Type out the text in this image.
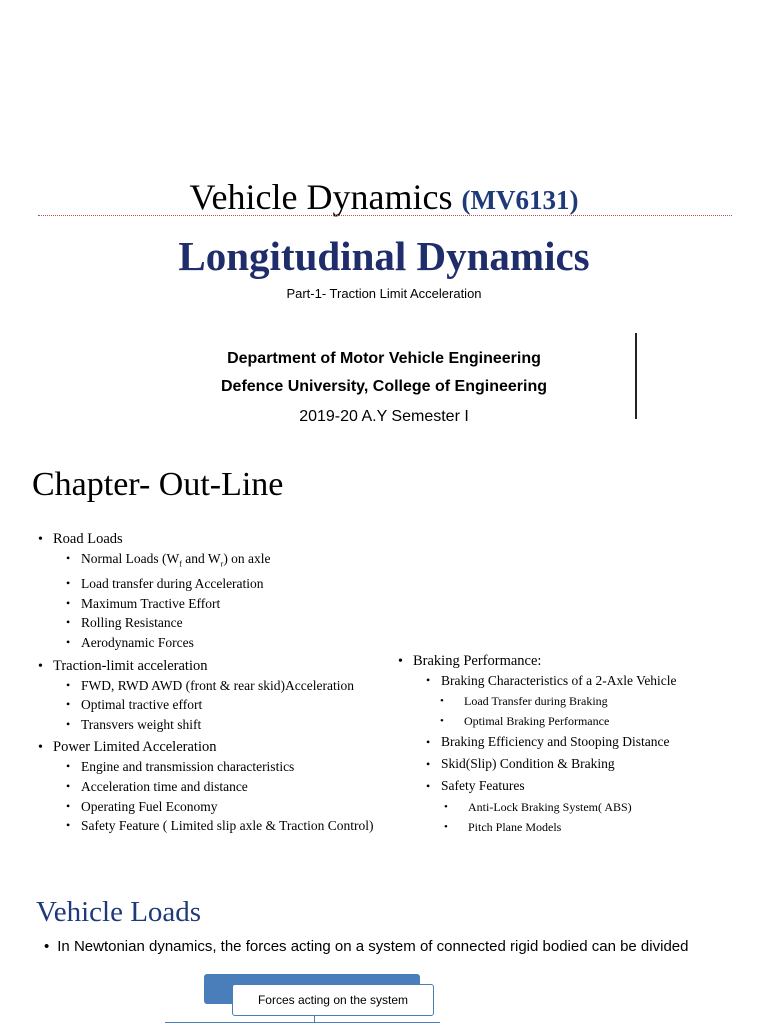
Vehicle Dynamics (MV6131)
Longitudinal Dynamics
Part-1- Traction Limit Acceleration
Department of Motor Vehicle Engineering
Defence University, College of Engineering
2019-20 A.Y Semester I
Chapter- Out-Line
• Road Loads
• Normal Loads ($W_f$ and $W_r$) on axle
• Load transfer during Acceleration
• Maximum Tractive Effort
• Rolling Resistance
• Aerodynamic Forces
• Traction-limit acceleration
• FWD, RWD AWD (front & rear skid)Acceleration
• Optimal tractive effort
• Transvers weight shift
• Power Limited Acceleration
• Engine and transmission characteristics
• Acceleration time and distance
• Operating Fuel Economy
• Safety Feature ( Limited slip axle & Traction Control)
• Braking Performance:
• Braking Characteristics of a 2-Axle Vehicle
• Load Transfer during Braking
• Optimal Braking Performance
• Braking Efficiency and Stooping Distance
• Skid(Slip) Condition & Braking
• Safety Features
• Anti-Lock Braking System( ABS)
• Pitch Plane Models
Vehicle Loads
• In Newtonian dynamics, the forces acting on a system of connected rigid bodied can be divided
Forces acting on the system
